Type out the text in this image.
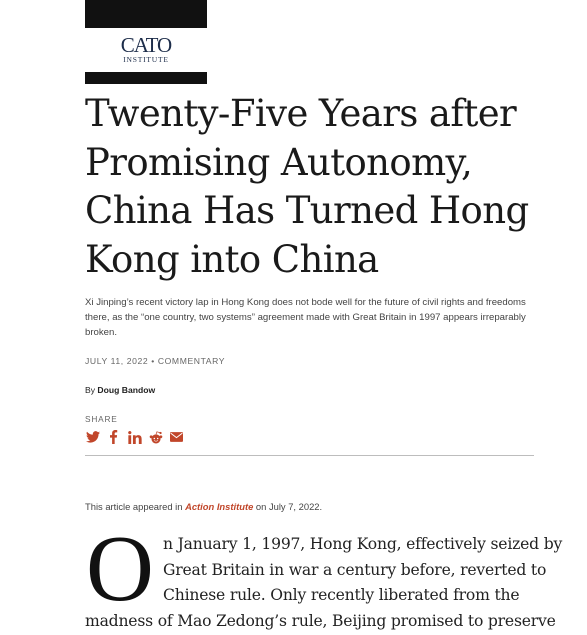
CATO
INSTITUTE
Twenty-Five Years after Promising Autonomy, China Has Turned Hong Kong into China

Xi Jinping’s recent victory lap in Hong Kong does not bode well for the future of civil rights and freedoms there, as the “one country, two systems” agreement made with Great Britain in 1997 appears irreparably broken.

JULY 11, 2022 • COMMENTARY
By Doug Bandow
SHARE
This article appeared in Action Institute on July 7, 2022.
O n January 1, 1997, Hong Kong, effectively seized by
Great Britain in war a century before, reverted to
Chinese rule. Only recently liberated from the
madness of Mao Zedong’s rule, Beijing promised to preserve
